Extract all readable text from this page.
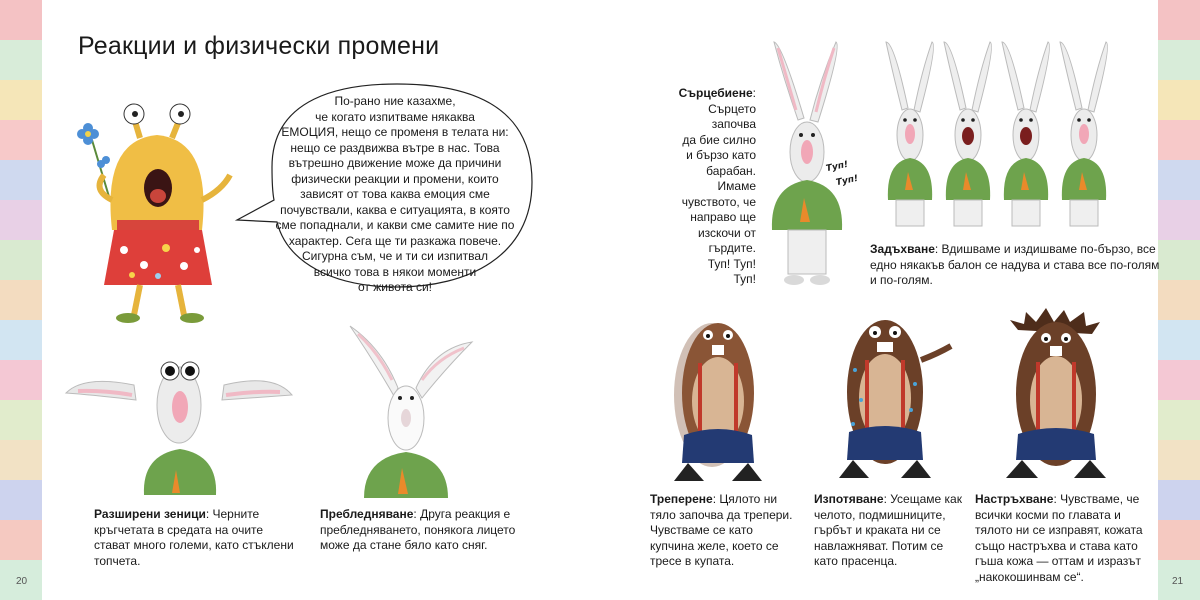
Реакции и физически промени

По-рано ние казахме,

че когато изпитваме някаква

ЕМОЦИЯ, нещо се променя в телата ни:

нещо се раздвижва вътре в нас. Това

вътрешно движение може да причини

физически реакции и промени, които

зависят от това каква емоция сме

почувствали, каква е ситуацията, в която

сме попаднали, и какви сме самите ние по

характер. Сега ще ти разкажа повече.

Сигурна съм, че и ти си изпитвал

всичко това в някои моменти

от живота си!

Разширени зеници: Черните кръгчетата в средата на очите стават много големи, като стъклени топчета.
Пребледняване: Друга реакция е пребледняването, понякога лицето може да стане бяло като сняг.
20
Сърцебиене:
Сърцето
започва
да бие силно
и бързо като
барабан.
Имаме
чувството, че
направо ще
изскочи от
гърдите.
Туп! Туп!
Туп!
Туп!
Туп!
Задъхване: Вдишваме и издишваме по-бързо, все едно някакъв балон се надува и става все по-голям и по-голям.
Треперене: Цялото ни тяло започва да трепери. Чувстваме се като купчина желе, което се тресе в купата.
Изпотяване: Усещаме как челото, подмишниците, гърбът и краката ни се навлажняват. Потим се като прасенца.
Настръхване: Чувстваме, че всички косми по главата и тялото ни се изправят, кожата също настръхва и става като гъша кожа — оттам и изразът „накокошинвам се“.	21
